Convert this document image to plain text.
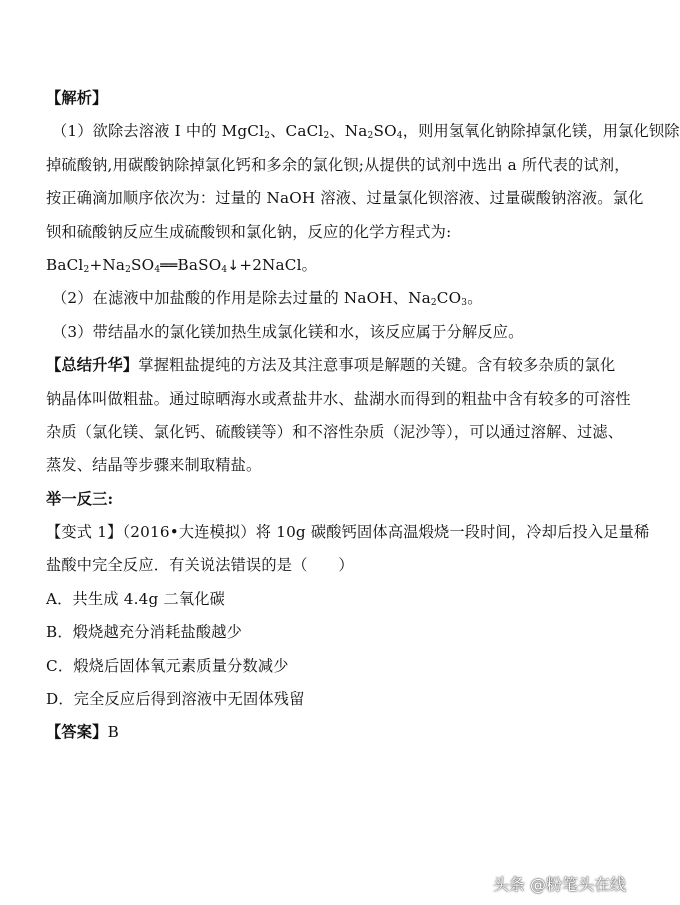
【解析】
（1）欲除去溶液 I 中的 MgCl$_2$、CaCl$_2$、$Na_2SO_4$，则用氢氧化钠除掉氯化镁，用氯化钡除
掉硫酸钠,用碳酸钠除掉氯化钙和多余的氯化钡;从提供的试剂中选出 a 所代表的试剂，
按正确滴加顺序依次为：过量的 NaOH 溶液、过量氯化钡溶液、过量碳酸钠溶液。氯化
钡和硫酸钠反应生成硫酸钡和氯化钠，反应的化学方程式为:
$BaCl_2+Na_2SO_4══BaSO_4↓+2NaCl$。
（2）在滤液中加盐酸的作用是除去过量的 NaOH、$Na_2CO_3$。
（3）带结晶水的氯化镁加热生成氯化镁和水，该反应属于分解反应。
【总结升华】掌握粗盐提纯的方法及其注意事项是解题的关键。含有较多杂质的氯化
钠晶体叫做粗盐。通过晾晒海水或煮盐井水、盐湖水而得到的粗盐中含有较多的可溶性
杂质（氯化镁、氯化钙、硫酸镁等）和不溶性杂质（泥沙等），可以通过溶解、过滤、
蒸发、结晶等步骤来制取精盐。
举一反三:
【变式 1】（2016•大连模拟）将 10g 碳酸钙固体高温煅烧一段时间，冷却后投入足量稀
盐酸中完全反应．有关说法错误的是（　　）
A．共生成 4.4g 二氧化碳
B．煅烧越充分消耗盐酸越少
C．煅烧后固体氧元素质量分数减少
D．完全反应后得到溶液中无固体残留
【答案】B
头条 @粉笔头在线
